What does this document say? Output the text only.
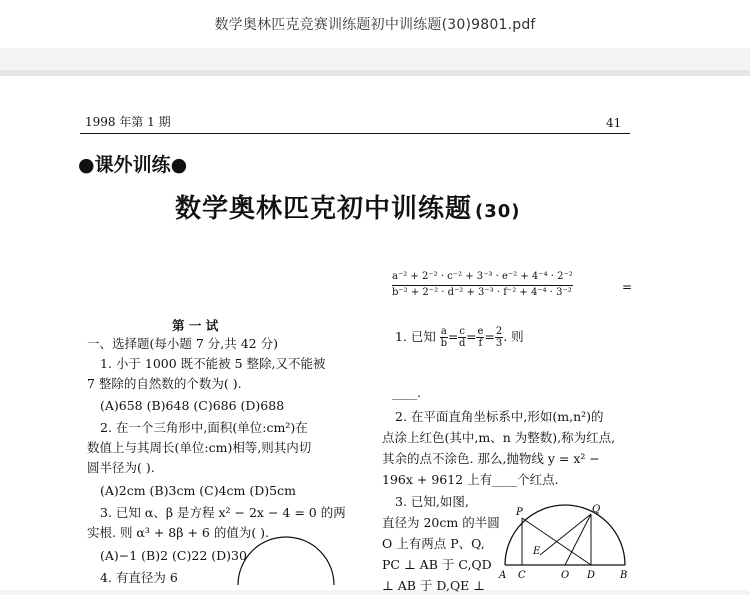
数学奥林匹克竞赛训练题初中训练题(30)9801.pdf
1998 年第 1 期	41
●课外训练●
数学奥林匹克初中训练题 (30)
第 一 试
一、选择题(每小题 7 分,共 42 分)
1. 小于 1000 既不能被 5 整除,又不能被
7 整除的自然数的个数为( ).
(A)658 (B)648 (C)686 (D)688
2. 在一个三角形中,面积(单位:cm²)在
数值上与其周长(单位:cm)相等,则其内切
圆半径为( ).
(A)2cm (B)3cm (C)4cm (D)5cm
3. 已知 α、β 是方程 x² − 2x − 4 = 0 的两
实根. 则 α³ + 8β + 6 的值为( ).
(A)−1 (B)2 (C)22 (D)30
4. 有直径为 6
1. 已知 $\frac{a}{b} = \frac{c}{d} = \frac{e}{f} = \frac{2}{3}$ . 则
$\frac{\text{a⁻² + 2⁻² · c⁻² + 3⁻³ · e⁻² + 4⁻⁴ · 2⁻²}}{\text{b⁻² + 2⁻² · d⁻² + 3⁻³ · f⁻² + 4⁻⁴ · 3⁻²}}$	=
____.
2. 在平面直角坐标系中,形如(m,n²)的
点涂上红色(其中,m、n 为整数),称为红点,
其余的点不涂色. 那么,抛物线 y = x² −
196x + 9612 上有____个红点.
3. 已知,如图,
直径为 20cm 的半圆
O 上有两点 P、Q,
PC ⊥ AB 于 C,QD
⊥ AB 于 D,QE ⊥
P	Q
E
A C	O D B
